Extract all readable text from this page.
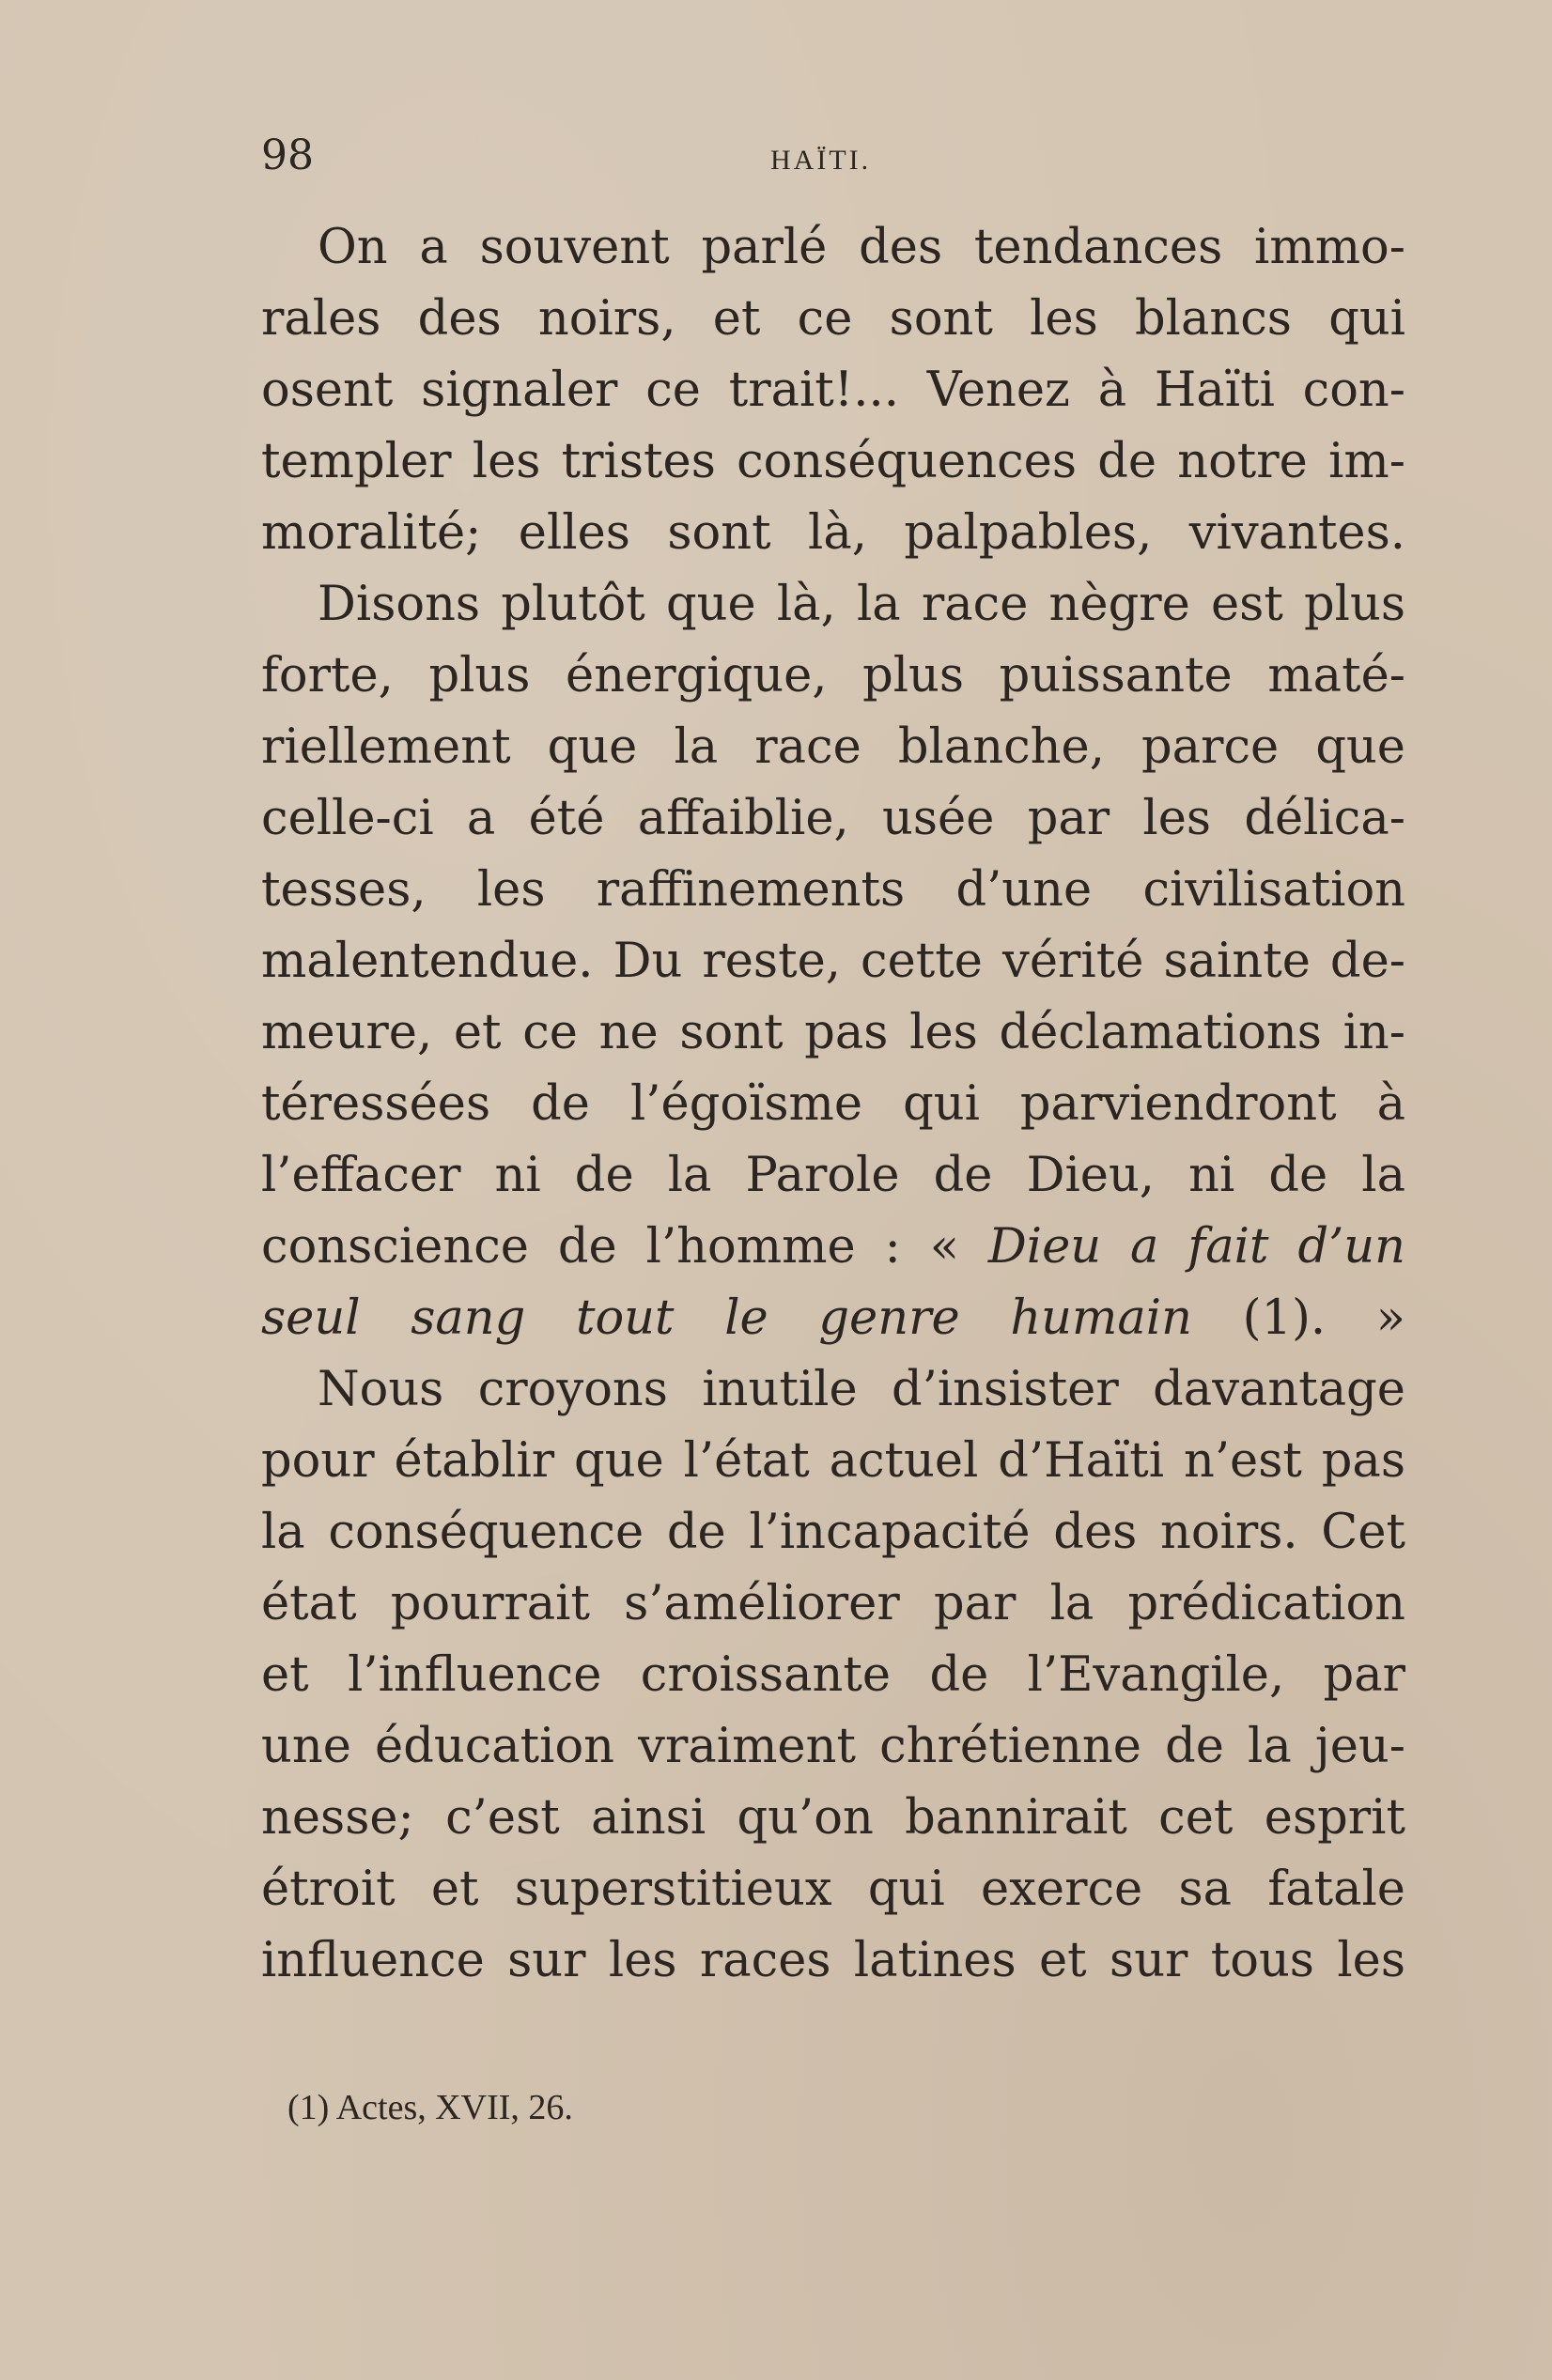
98	HAÏTI.
On a souvent parlé des tendances immo-
rales des noirs, et ce sont les blancs qui
osent signaler ce trait!... Venez à Haïti con-
templer les tristes conséquences de notre im-
moralité; elles sont là, palpables, vivantes.
Disons plutôt que là, la race nègre est plus
forte, plus énergique, plus puissante maté-
riellement que la race blanche, parce que
celle-ci a été affaiblie, usée par les délica-
tesses, les raffinements d’une civilisation
malentendue. Du reste, cette vérité sainte de-
meure, et ce ne sont pas les déclamations in-
téressées de l’égoïsme qui parviendront à
l’effacer ni de la Parole de Dieu, ni de la
conscience de l’homme : « Dieu a fait d’un
seul sang tout le genre humain (1). »
Nous croyons inutile d’insister davantage
pour établir que l’état actuel d’Haïti n’est pas
la conséquence de l’incapacité des noirs. Cet
état pourrait s’améliorer par la prédication
et l’influence croissante de l’Evangile, par
une éducation vraiment chrétienne de la jeu-
nesse; c’est ainsi qu’on bannirait cet esprit
étroit et superstitieux qui exerce sa fatale
influence sur les races latines et sur tous les
(1) Actes, XVII, 26.
